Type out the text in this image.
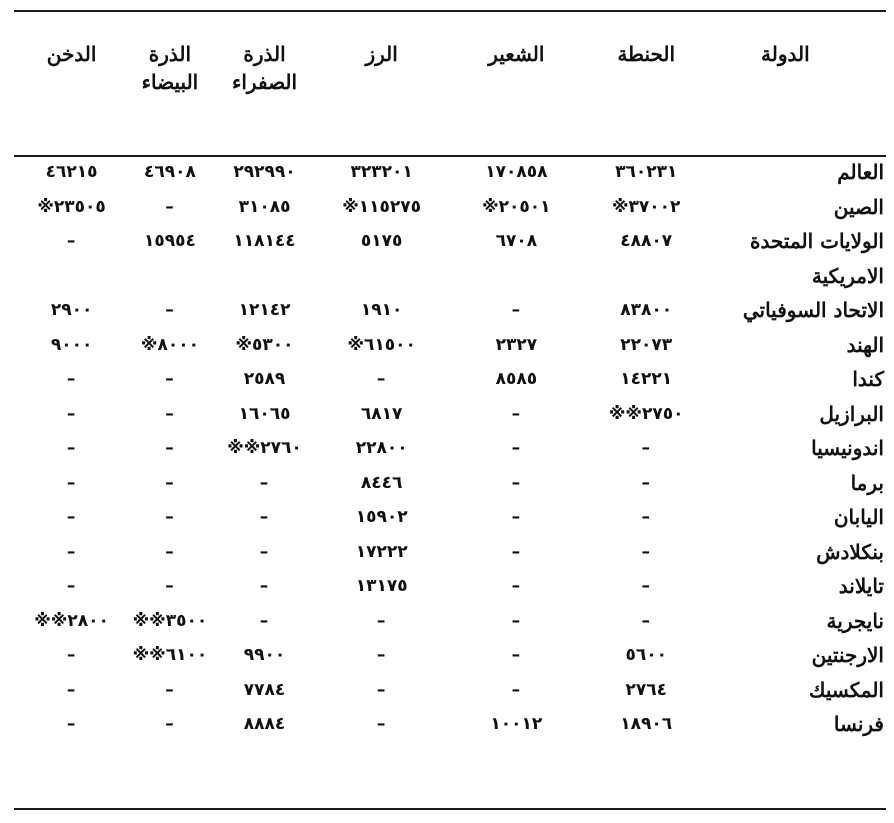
الدولة	الحنطة	الشعير	الرز	الذرة الصفراء	الذرة البيضاء	الدخن
العالم	٣٦٠٢٣١	١٧٠٨٥٨	٣٢٣٢٠١	٢٩٢٩٩٠	٤٦٩٠٨	٤٦٢١٥
الصين	٣٧٠٠٢※	٢٠٥٠١※	١١٥٢٧٥※	٣١٠٨٥	–	٢٣٥٠٥※
الولايات المتحدة	٤٨٨٠٧	٦٧٠٨	٥١٧٥	١١٨١٤٤	١٥٩٥٤	–
الامريكية						
الاتحاد السوفياتي	٨٣٨٠٠	–	١٩١٠	١٢١٤٢	–	٢٩٠٠
الهند	٢٢٠٧٣	٢٣٢٧	٦١٥٠٠※	٥٣٠٠※	٨٠٠٠※	٩٠٠٠
كندا	١٤٢٢١	٨٥٨٥	–	٢٥٨٩	–	–
البرازيل	٢٧٥٠※※	–	٦٨١٧	١٦٠٦٥	–	–
اندونيسيا	–	–	٢٢٨٠٠	٢٧٦٠※※	–	–
برما	–	–	٨٤٤٦	–	–	–
اليابان	–	–	١٥٩٠٢	–	–	–
بنكلادش	–	–	١٧٢٢٢	–	–	–
تايلاند	–	–	١٣١٧٥	–	–	–
نايجرية	–	–	–	–	٣٥٠٠※※	٢٨٠٠※※
الارجنتين	٥٦٠٠	–	–	٩٩٠٠	٦١٠٠※※	–
المكسيك	٢٧٦٤	–	–	٧٧٨٤	–	–
فرنسا	١٨٩٠٦	١٠٠١٢	–	٨٨٨٤	–	–
